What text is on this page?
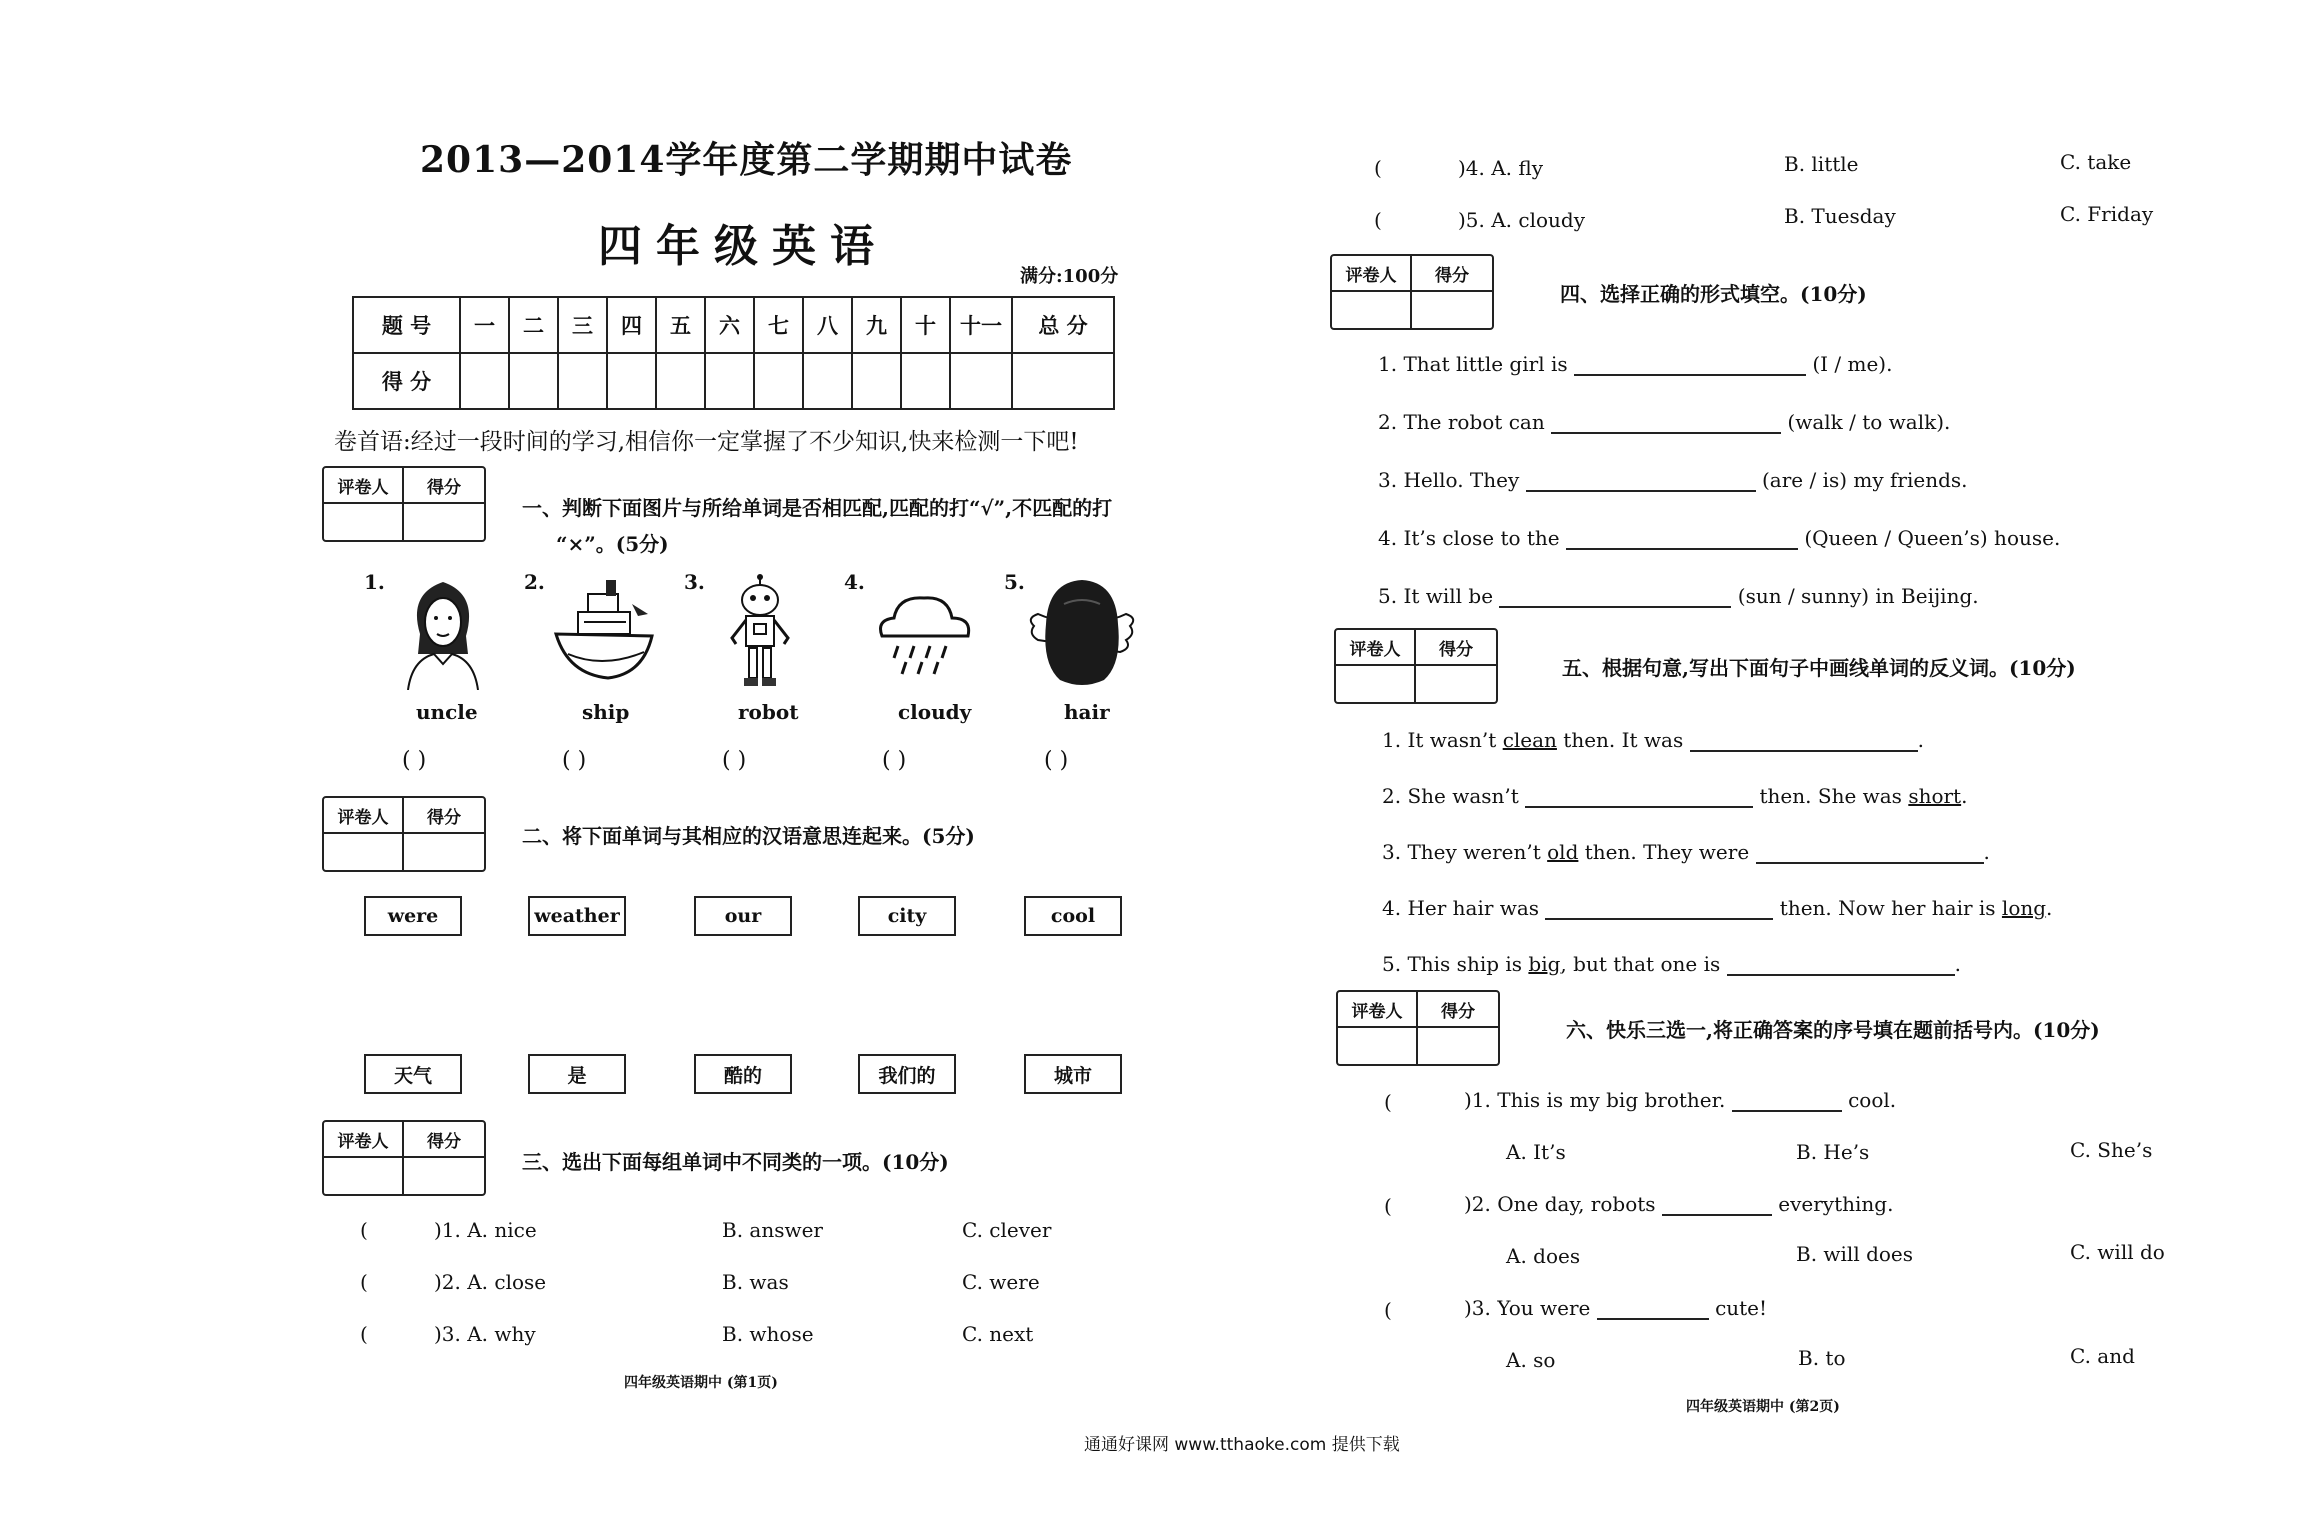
2013—2014学年度第二学期期中试卷
四年级英语
满分:100分
题 号	一	二	三	四	五	六	七	八	九	十	十一	总 分
得 分												
卷首语:经过一段时间的学习,相信你一定掌握了不少知识,快来检测一下吧!
评卷人	得分
一、判断下面图片与所给单词是否相匹配,匹配的打“√”,不匹配的打
“×”。(5分)
1.	2.	3.	4.	5.
uncle	ship	robot	cloudy	hair
( )	( )	( )	( )	( )
评卷人	得分
二、将下面单词与其相应的汉语意思连起来。(5分)
were	weather	our	city	cool
天气	是	酷的	我们的	城市
评卷人	得分
三、选出下面每组单词中不同类的一项。(10分)
(	)1. A. nice	B. answer	C. clever
(	)2. A. close	B. was	C. were
(	)3. A. why	B. whose	C. next
四年级英语期中 (第1页)
(	)4. A. fly	B. little	C. take
(	)5. A. cloudy	B. Tuesday	C. Friday
评卷人	得分
四、选择正确的形式填空。(10分)
1. That little girl is	(I / me).
2. The robot can	(walk / to walk).
3. Hello. They	(are / is) my friends.
4. It’s close to the	(Queen / Queen’s) house.
5. It will be	(sun / sunny) in Beijing.
评卷人	得分
五、根据句意,写出下面句子中画线单词的反义词。(10分)
1. It wasn’t clean then. It was	.
2. She wasn’t	then. She was short.
3. They weren’t old then. They were	.
4. Her hair was	then. Now her hair is long.
5. This ship is big, but that one is	.
评卷人	得分
六、快乐三选一,将正确答案的序号填在题前括号内。(10分)
(	)1. This is my big brother.	cool.
A. It’s	B. He’s	C. She’s
(	)2. One day, robots	everything.
A. does	B. will does	C. will do
(	)3. You were	cute!
A. so	B. to	C. and
四年级英语期中 (第2页)
通通好课网 www.tthaoke.com 提供下载
